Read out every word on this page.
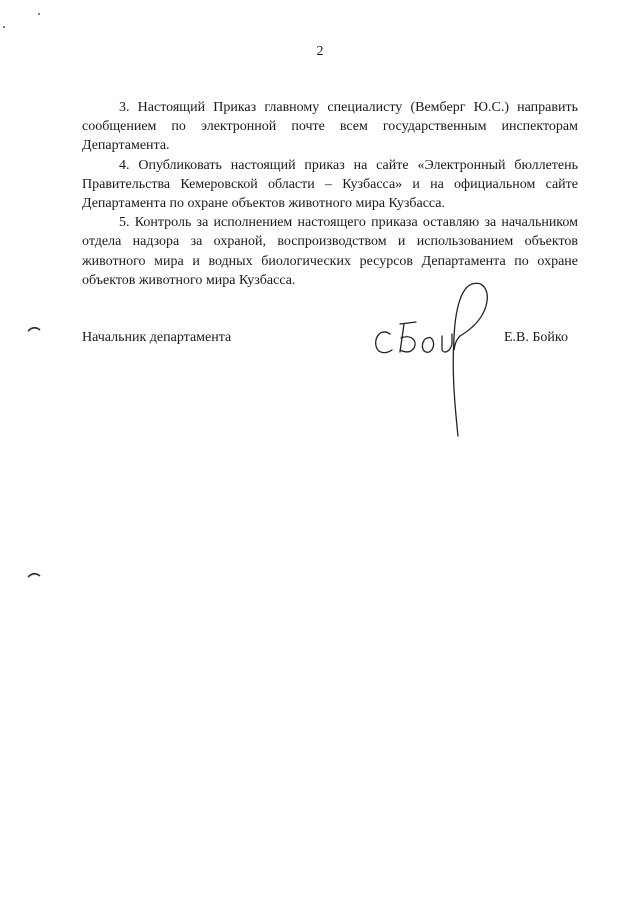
2

3. Настоящий Приказ главному специалисту (Вемберг Ю.С.) направить сообщением по электронной почте всем государственным инспекторам Департамента.

4. Опубликовать настоящий приказ на сайте «Электронный бюллетень Правительства Кемеровской области – Кузбасса» и на официальном сайте Департамента по охране объектов животного мира Кузбасса.

5. Контроль за исполнением настоящего приказа оставляю за начальником отдела надзора за охраной, воспроизводством и использованием объектов животного мира и водных биологических ресурсов Департамента по охране объектов животного мира Кузбасса.

Начальник департамента	Е.В. Бойко
